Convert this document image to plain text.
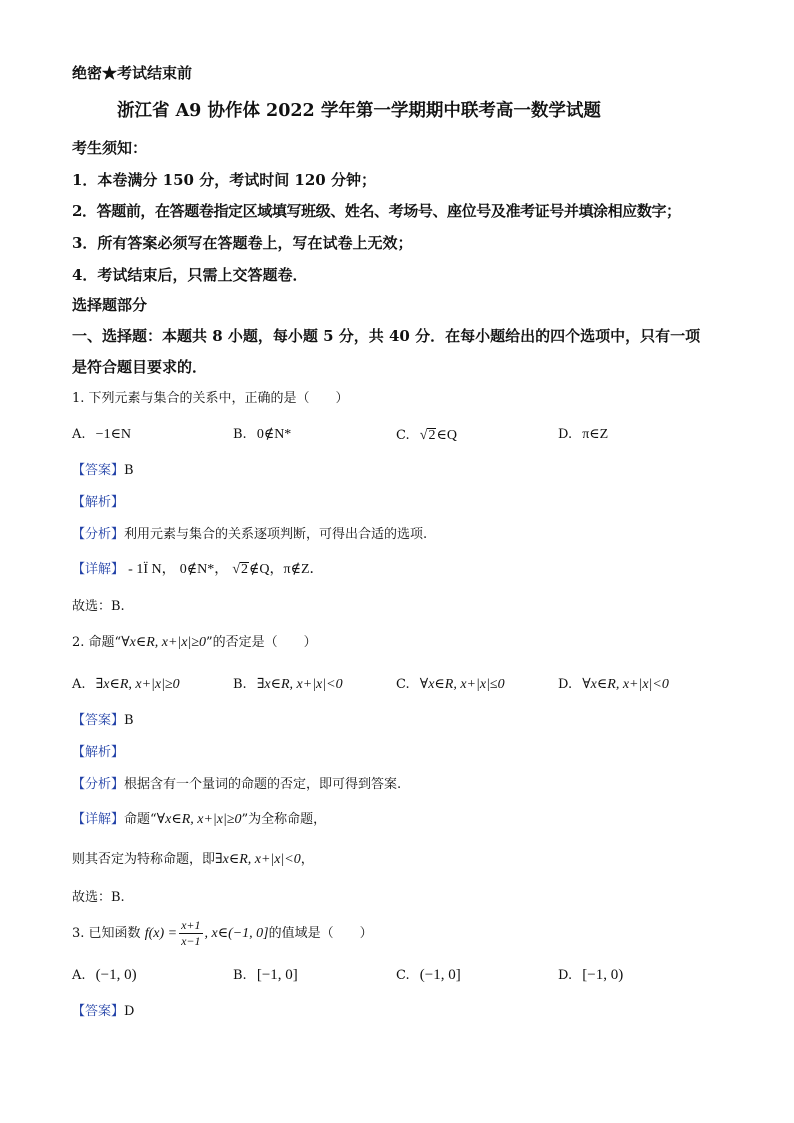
绝密★考试结束前
浙江省 A9 协作体 2022 学年第一学期期中联考高一数学试题
考生须知：
1．本卷满分 150 分，考试时间 120 分钟；
2．答题前，在答题卷指定区域填写班级、姓名、考场号、座位号及准考证号并填涂相应数字；
3．所有答案必须写在答题卷上，写在试卷上无效；
4．考试结束后，只需上交答题卷．
选择题部分
一、选择题：本题共 8 小题，每小题 5 分，共 40 分．在每小题给出的四个选项中，只有一项
是符合题目要求的．
1. 下列元素与集合的关系中，正确的是（　　）
A. −1∈N	B. 0∉N*	C. √2∈Q	D. π∈Z
【答案】B
【解析】
【分析】利用元素与集合的关系逐项判断，可得出合适的选项.
【详解】 - 1Ï N， 0∉N*， √2∉Q，π∉Z．
故选：B.
2. 命题“∀x∈R, x+|x|≥0”的否定是（　　）
A. ∃x∈R, x+|x|≥0	B. ∃x∈R, x+|x|<0	C. ∀x∈R, x+|x|≤0	D. ∀x∈R, x+|x|<0
【答案】B
【解析】
【分析】根据含有一个量词的命题的否定，即可得到答案.
【详解】命题“∀x∈R, x+|x|≥0”为全称命题，
则其否定为特称命题，即∃x∈R, x+|x|<0，
故选：B.
3. 已知函数 $f(x) = \frac{x+1}{x-1}$ , x∈(−1, 0]的值域是（　　）
A. (−1, 0)	B. [−1, 0]	C. (−1, 0]	D. [−1, 0)
【答案】D
